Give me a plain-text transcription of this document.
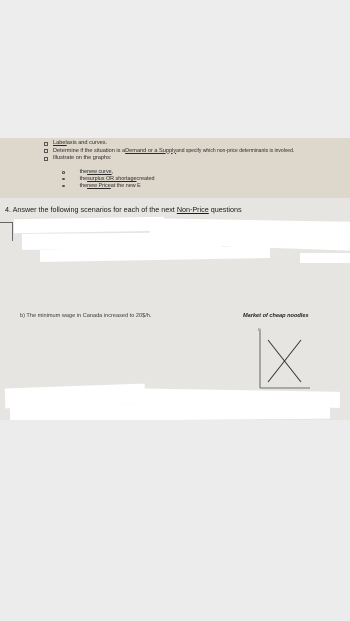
Label axis and curves.
Determine if the situation is a Demand or a Supply and specify which non-price determinants is involved.
Illustrate on the graphs:
the new curve ,
the surplus OR shortage created
the new Price at the new E
4. Answer the following scenarios for each of the next Non-Price questions
b) The minimum wage in Canada increased to 20$/h.	Market of cheap noodles
P
